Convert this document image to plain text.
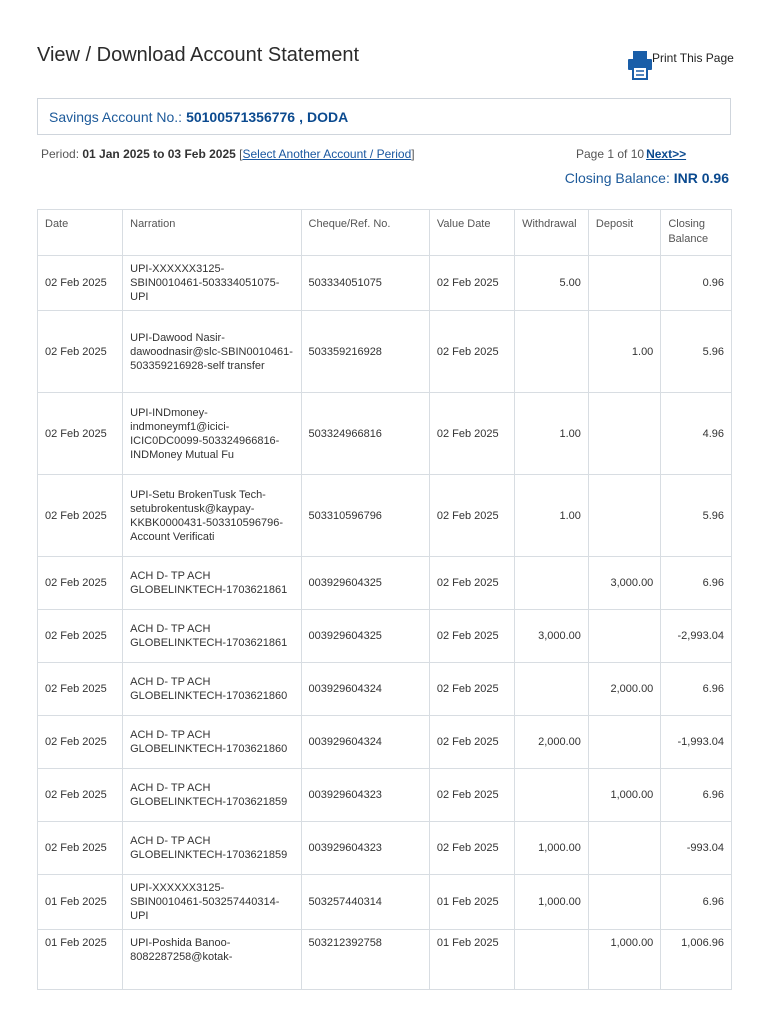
View / Download Account Statement	Print This Page
Savings Account No.: 50100571356776 , DODA
Period: 01 Jan 2025 to 03 Feb 2025 [Select Another Account / Period]	Page 1 of 10 Next>>
Closing Balance: INR 0.96
Date	Narration	Cheque/Ref. No.	Value Date	Withdrawal	Deposit	Closing Balance
02 Feb 2025	UPI-XXXXXX3125-SBIN0010461-503334051075-UPI	503334051075	02 Feb 2025	5.00		0.96
02 Feb 2025	UPI-Dawood Nasir-dawoodnasir@slc-SBIN0010461-503359216928-self transfer	503359216928	02 Feb 2025		1.00	5.96
02 Feb 2025	UPI-INDmoney-indmoneymf1@icici-ICIC0DC0099-503324966816-INDMoney Mutual Fu	503324966816	02 Feb 2025	1.00		4.96
02 Feb 2025	UPI-Setu BrokenTusk Tech-setubrokentusk@kaypay-KKBK0000431-503310596796-Account Verificati	503310596796	02 Feb 2025	1.00		5.96
02 Feb 2025	ACH D- TP ACH GLOBELINKTECH-1703621861	003929604325	02 Feb 2025		3,000.00	6.96
02 Feb 2025	ACH D- TP ACH GLOBELINKTECH-1703621861	003929604325	02 Feb 2025	3,000.00		-2,993.04
02 Feb 2025	ACH D- TP ACH GLOBELINKTECH-1703621860	003929604324	02 Feb 2025		2,000.00	6.96
02 Feb 2025	ACH D- TP ACH GLOBELINKTECH-1703621860	003929604324	02 Feb 2025	2,000.00		-1,993.04
02 Feb 2025	ACH D- TP ACH GLOBELINKTECH-1703621859	003929604323	02 Feb 2025		1,000.00	6.96
02 Feb 2025	ACH D- TP ACH GLOBELINKTECH-1703621859	003929604323	02 Feb 2025	1,000.00		-993.04
01 Feb 2025	UPI-XXXXXX3125-SBIN0010461-503257440314-UPI	503257440314	01 Feb 2025	1,000.00		6.96
01 Feb 2025	UPI-Poshida Banoo-8082287258@kotak-	503212392758	01 Feb 2025		1,000.00	1,006.96
